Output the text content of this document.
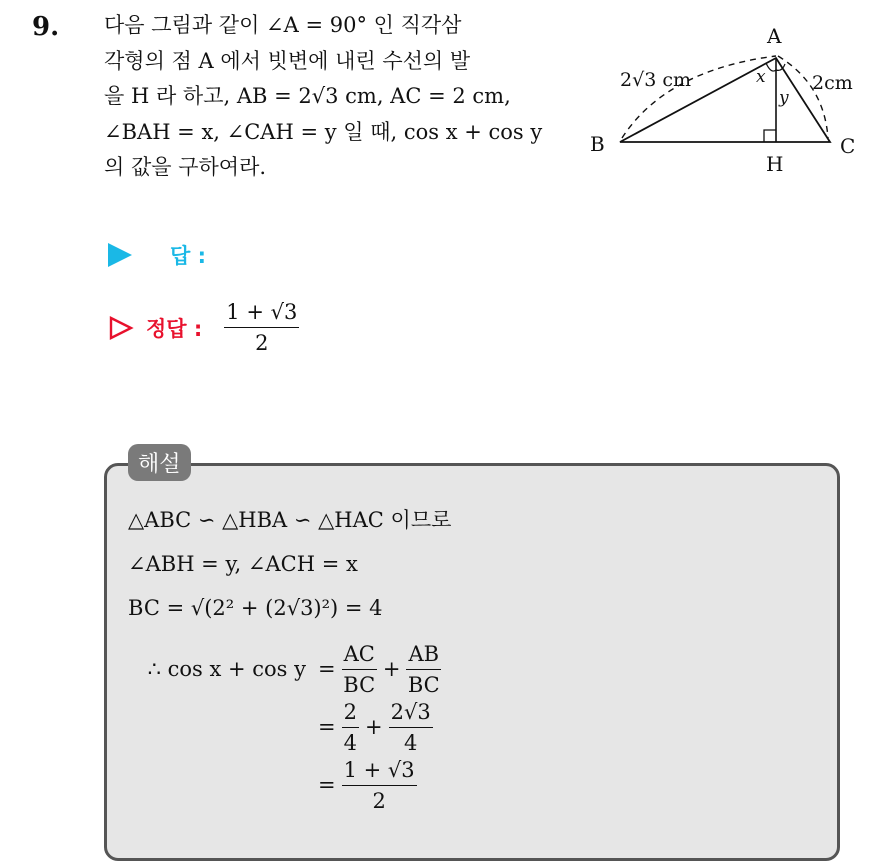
9. 다음 그림과 같이 ∠A = 90° 인 직각삼
각형의 점 A 에서 빗변에 내린 수선의 발
을 H 라 하고, AB = 2√3 cm, AC = 2 cm,
∠BAH = x, ∠CAH = y 일 때, cos x + cos y
의 값을 구하여라.
A
B	C
H
x
y
2√3 cm	2cm
답 :
정답 : $\frac{1 + √3}{2}$
해설
△ABC ∽ △HBA ∽ △HAC 이므로
∠ABH = y, ∠ACH = x
BC = √(2² + (2√3)²) = 4
∴ $\cos x + \cos y = \frac{AC}{BC} + \frac{AB}{BC}$
= $\frac{2}{4} + \frac{2√3}{4}$
= $\frac{1 + √3}{2}$
